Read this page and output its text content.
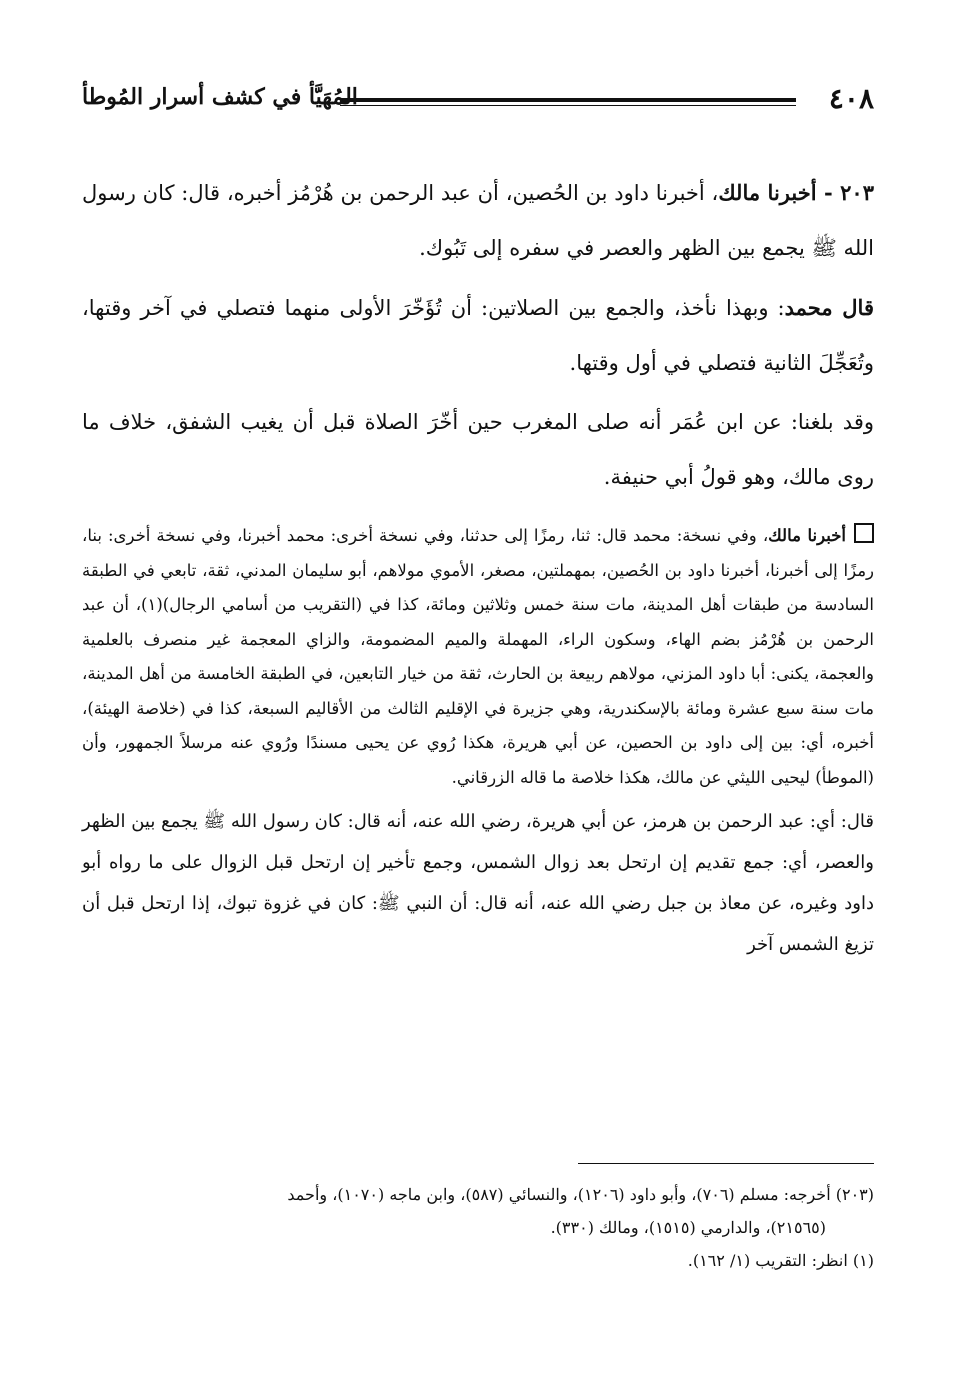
٤٠٨
المُهَيَّأ في كشف أسرار المُوطأ

٢٠٣ - أخبرنا مالك، أخبرنا داود بن الحُصين، أن عبد الرحمن بن هُرْمُز أخبره، قال: كان رسول الله ﷺ يجمع بين الظهر والعصر في سفره إلى تَبُوك.

قال محمد: وبهذا نأخذ، والجمع بين الصلاتين: أن تُؤَخّرَ الأولى منهما فتصلي في آخر وقتها، وتُعَجِّلَ الثانية فتصلي في أول وقتها.

وقد بلغنا: عن ابن عُمَر أنه صلى المغرب حين أخّرَ الصلاة قبل أن يغيب الشفق، خلاف ما روى مالك، وهو قولُ أبي حنيفة.

أخبرنا مالك، وفي نسخة: محمد قال: ثنا، رمزًا إلى حدثنا، وفي نسخة أخرى: محمد أخبرنا، وفي نسخة أخرى: بنا، رمزًا إلى أخبرنا، أخبرنا داود بن الحُصين، بمهملتين، مصغر، الأموي مولاهم، أبو سليمان المدني، ثقة، تابعي في الطبقة السادسة من طبقات أهل المدينة، مات سنة خمس وثلاثين ومائة، كذا في (التقريب من أسامي الرجال)(١)، أن عبد الرحمن بن هُرْمُز بضم الهاء، وسكون الراء، المهملة والميم المضمومة، والزاي المعجمة غير منصرف بالعلمية والعجمة، يكنى: أبا داود المزني، مولاهم ربيعة بن الحارث، ثقة من خيار التابعين، في الطبقة الخامسة من أهل المدينة، مات سنة سبع عشرة ومائة بالإسكندرية، وهي جزيرة في الإقليم الثالث من الأقاليم السبعة، كذا في (خلاصة الهيئة)، أخبره، أي: بين إلى داود بن الحصين، عن أبي هريرة، هكذا رُوي عن يحيى مسندًا ورُوي عنه مرسلاً الجمهور، وأن (الموطأ) ليحيى الليثي عن مالك، هكذا خلاصة ما قاله الزرقاني.
قال: أي: عبد الرحمن بن هرمز، عن أبي هريرة، رضي الله عنه، أنه قال: كان رسول الله ﷺ يجمع بين الظهر والعصر، أي: جمع تقديم إن ارتحل بعد زوال الشمس، وجمع تأخير إن ارتحل قبل الزوال على ما رواه أبو داود وغيره، عن معاذ بن جبل رضي الله عنه، أنه قال: أن النبي ﷺ: كان في غزوة تبوك، إذا ارتحل قبل أن تزيغ الشمس آخر

(٢٠٣) أخرجه: مسلم (٧٠٦)، وأبو داود (١٢٠٦)، والنسائي (٥٨٧)، وابن ماجه (١٠٧٠)، وأحمد

(٢١٥٦٥)، والدارمي (١٥١٥)، ومالك (٣٣٠).

(١) انظر: التقريب (١/ ١٦٢).
